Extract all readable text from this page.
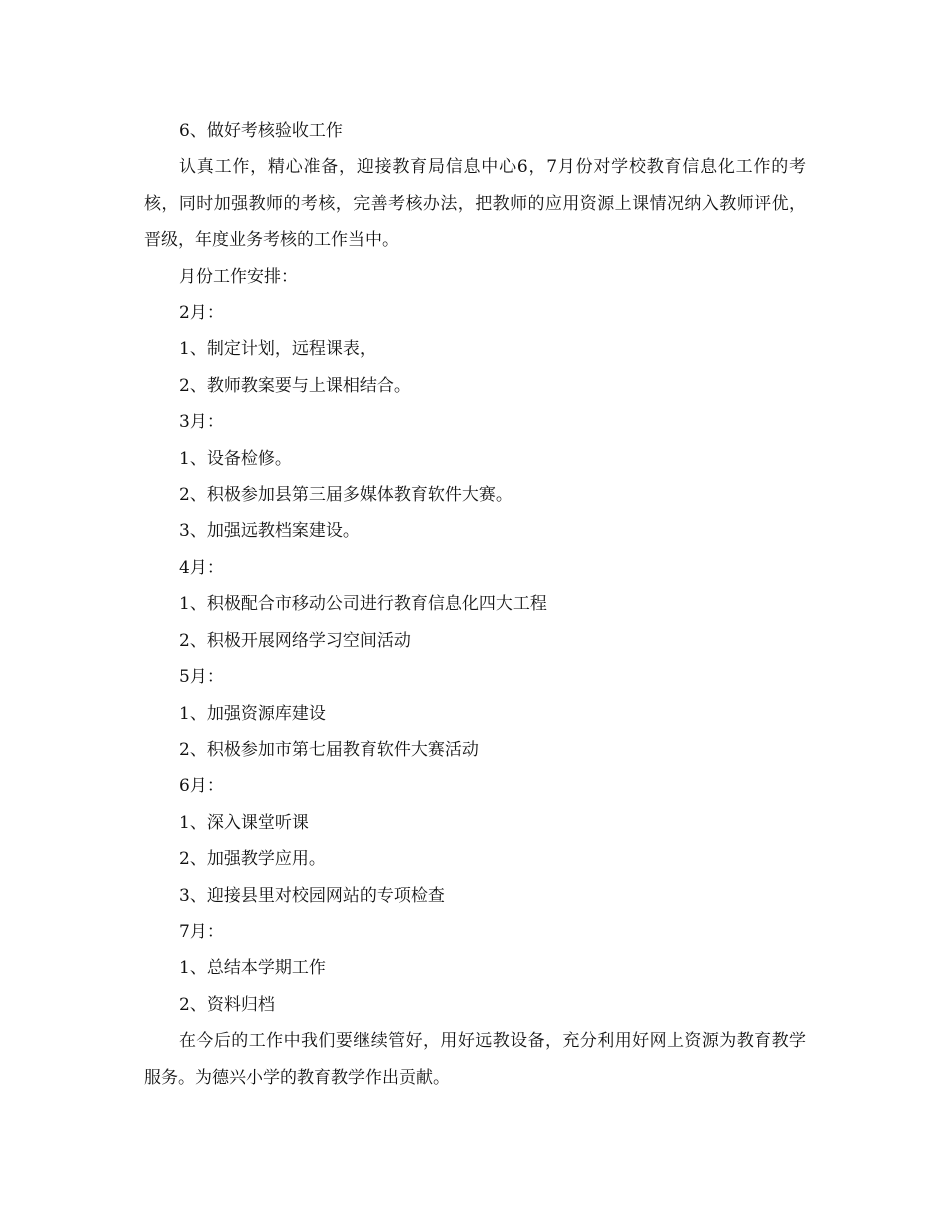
6、做好考核验收工作

认真工作，精心准备，迎接教育局信息中心6，7月份对学校教育信息化工作的考核，同时加强教师的考核，完善考核办法，把教师的应用资源上课情况纳入教师评优，晋级，年度业务考核的工作当中。

月份工作安排：

2月：

1、制定计划，远程课表，

2、教师教案要与上课相结合。

3月：

1、设备检修。

2、积极参加县第三届多媒体教育软件大赛。

3、加强远教档案建设。

4月：

1、积极配合市移动公司进行教育信息化四大工程

2、积极开展网络学习空间活动

5月：

1、加强资源库建设

2、积极参加市第七届教育软件大赛活动

6月：

1、深入课堂听课

2、加强教学应用。

3、迎接县里对校园网站的专项检查

7月：

1、总结本学期工作

2、资料归档

在今后的工作中我们要继续管好，用好远教设备，充分利用好网上资源为教育教学服务。为德兴小学的教育教学作出贡献。
